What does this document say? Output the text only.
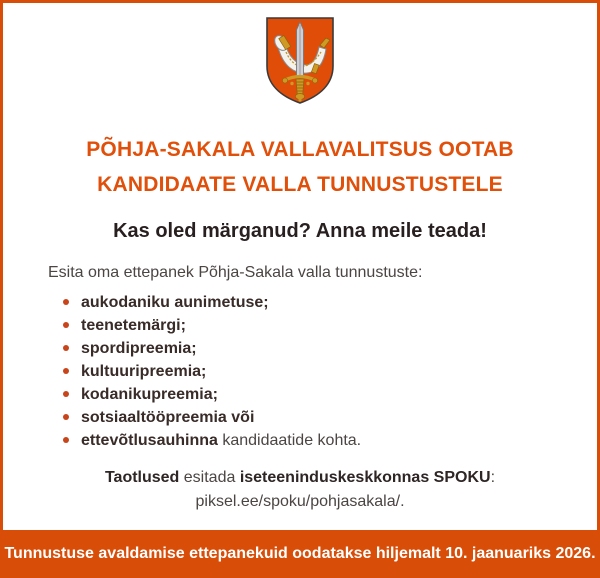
PÕHJA-SAKALA VALLAVALITSUS OOTAB
KANDIDAATE VALLA TUNNUSTUSTELE
Kas oled märganud? Anna meile teada!

Esita oma ettepanek Põhja-Sakala valla tunnustuste:

aukodaniku aunimetuse;
teenetemärgi;
spordipreemia;
kultuuripreemia;
kodanikupreemia;
sotsiaaltööpreemia või
ettevõtlusauhinna kandidaatide kohta.

Taotlused esitada iseteeninduskeskkonnas SPOKU:
piksel.ee/spoku/pohjasakala/.

Tunnustuse avaldamise ettepanekuid oodatakse hiljemalt 10. jaanuariks 2026.
